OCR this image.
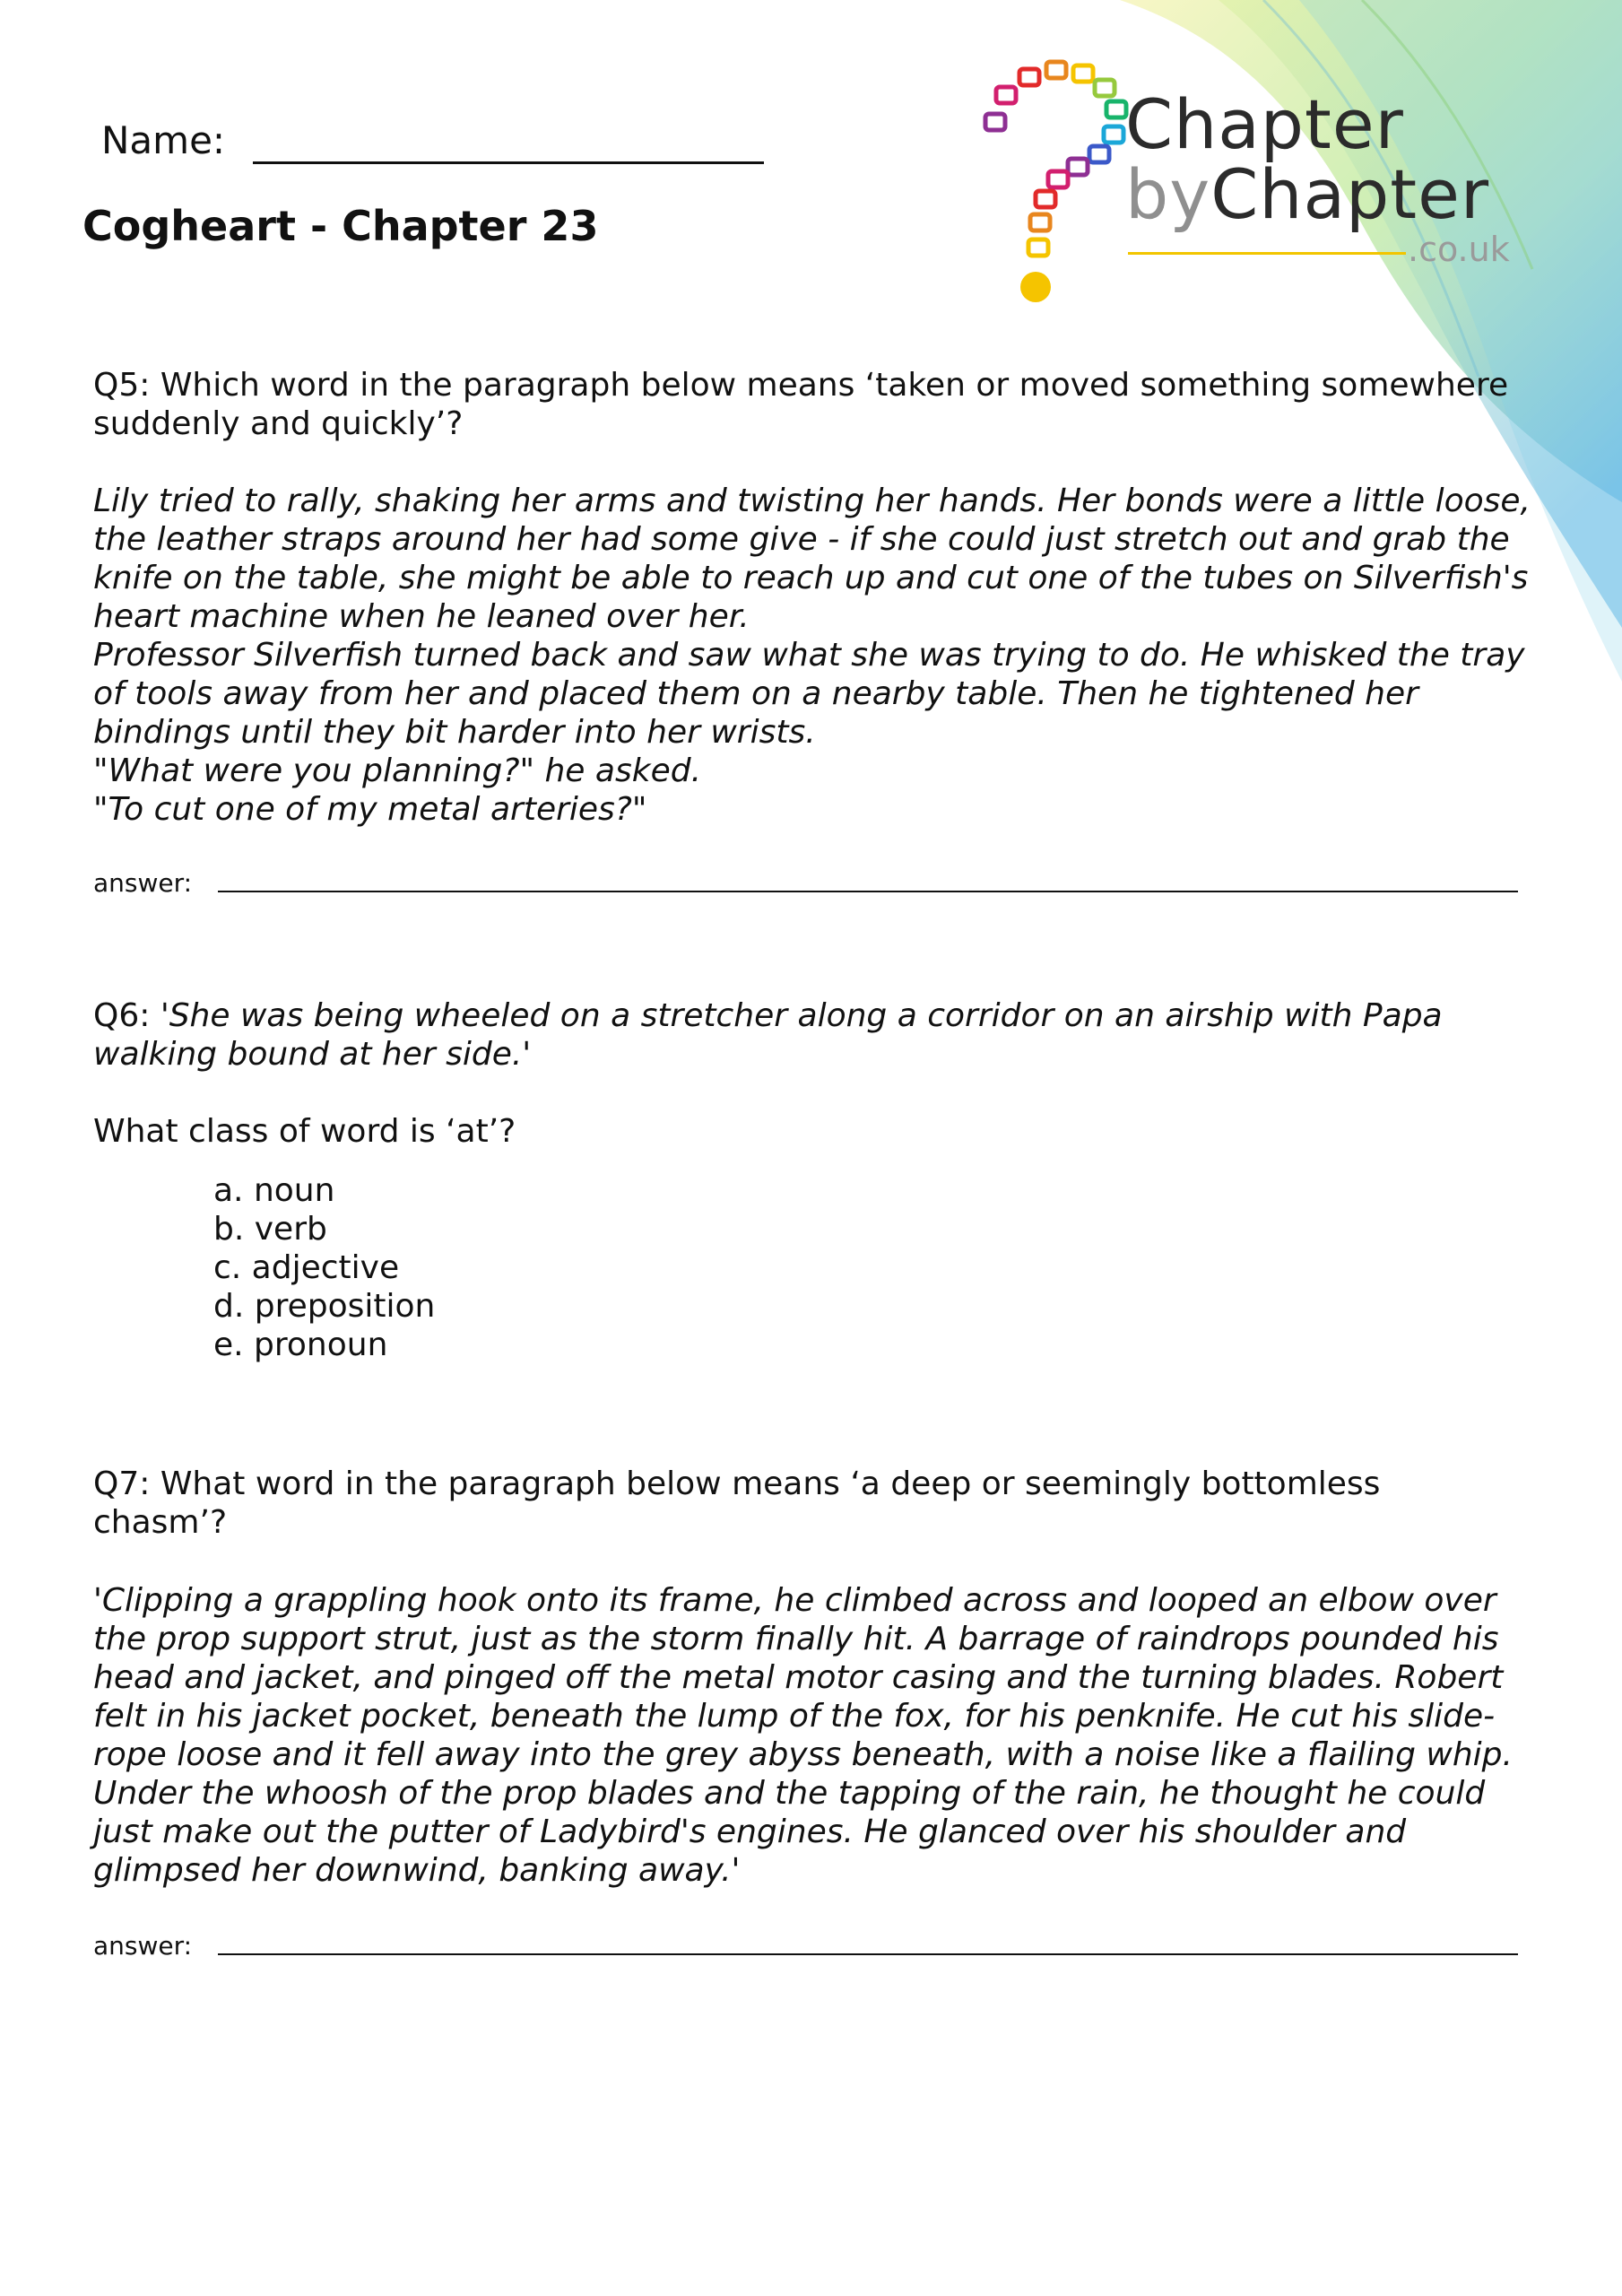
Chapter
byChapter
.co.uk
Name:
Cogheart - Chapter 23

Q5: Which word in the paragraph below means ‘taken or moved something somewhere suddenly and quickly’?

Lily tried to rally, shaking her arms and twisting her hands. Her bonds were a little loose, the leather straps around her had some give - if she could just stretch out and grab the knife on the table, she might be able to reach up and cut one of the tubes on Silverfish's heart machine when he leaned over her.

Professor Silverfish turned back and saw what she was trying to do. He whisked the tray of tools away from her and placed them on a nearby table. Then he tightened her bindings until they bit harder into her wrists.

"What were you planning?" he asked.

"To cut one of my metal arteries?"

answer:

Q6: 'She was being wheeled on a stretcher along a corridor on an airship with Papa walking bound at her side.'

What class of word is ‘at’?

a. noun
b. verb
c. adjective
d. preposition
e. pronoun

Q7: What word in the paragraph below means ‘a deep or seemingly bottomless chasm’?

'Clipping a grappling hook onto its frame, he climbed across and looped an elbow over the prop support strut, just as the storm finally hit. A barrage of raindrops pounded his head and jacket, and pinged off the metal motor casing and the turning blades. Robert felt in his jacket pocket, beneath the lump of the fox, for his penknife. He cut his slide-rope loose and it fell away into the grey abyss beneath, with a noise like a flailing whip. Under the whoosh of the prop blades and the tapping of the rain, he thought he could just make out the putter of Ladybird's engines. He glanced over his shoulder and glimpsed her downwind, banking away.'

answer:
